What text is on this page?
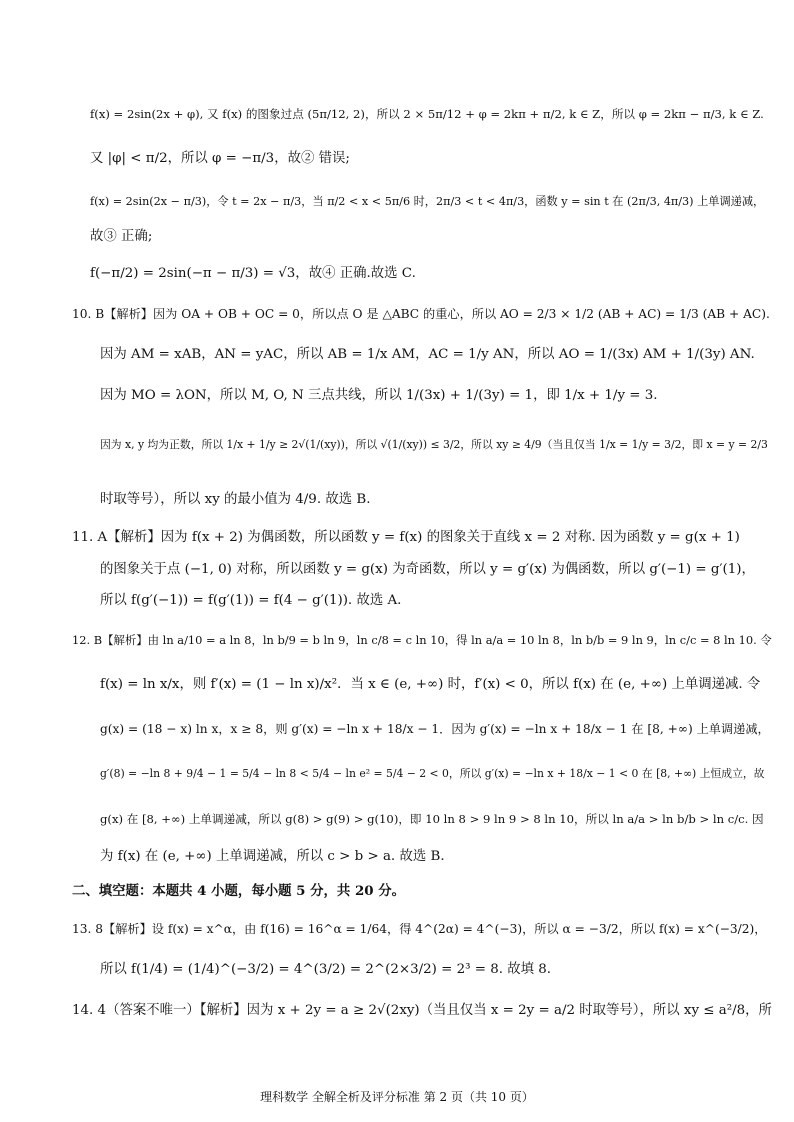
f(x) = 2sin(2x + φ), 又 f(x) 的图象过点 (5π/12, 2)，所以 2 × 5π/12 + φ = 2kπ + π/2, k ∈ Z，所以 φ = 2kπ − π/3, k ∈ Z.
又 |φ| < π/2，所以 φ = −π/3，故② 错误;
f(x) = 2sin(2x − π/3)，令 t = 2x − π/3，当 π/2 < x < 5π/6 时，2π/3 < t < 4π/3，函数 y = sin t 在 (2π/3, 4π/3) 上单调递减，
故③ 正确;
f(−π/2) = 2sin(−π − π/3) = √3，故④ 正确.故选 C.
10. B【解析】因为 OA + OB + OC = 0，所以点 O 是 △ABC 的重心，所以 AO = 2/3 × 1/2 (AB + AC) = 1/3 (AB + AC).
因为 AM = xAB，AN = yAC，所以 AB = 1/x AM，AC = 1/y AN，所以 AO = 1/(3x) AM + 1/(3y) AN.
因为 MO = λON，所以 M, O, N 三点共线，所以 1/(3x) + 1/(3y) = 1，即 1/x + 1/y = 3.
因为 x, y 均为正数，所以 1/x + 1/y ≥ 2√(1/(xy))，所以 √(1/(xy)) ≤ 3/2，所以 xy ≥ 4/9（当且仅当 1/x = 1/y = 3/2，即 x = y = 2/3
时取等号），所以 xy 的最小值为 4/9. 故选 B.
11. A【解析】因为 f(x + 2) 为偶函数，所以函数 y = f(x) 的图象关于直线 x = 2 对称. 因为函数 y = g(x + 1)
的图象关于点 (−1, 0) 对称，所以函数 y = g(x) 为奇函数，所以 y = g′(x) 为偶函数，所以 g′(−1) = g′(1)，
所以 f(g′(−1)) = f(g′(1)) = f(4 − g′(1)). 故选 A.
12. B【解析】由 ln a/10 = a ln 8，ln b/9 = b ln 9，ln c/8 = c ln 10，得 ln a/a = 10 ln 8，ln b/b = 9 ln 9，ln c/c = 8 ln 10. 令
f(x) = ln x/x，则 f′(x) = (1 − ln x)/x²．当 x ∈ (e, +∞) 时，f′(x) < 0，所以 f(x) 在 (e, +∞) 上单调递减. 令
g(x) = (18 − x) ln x，x ≥ 8，则 g′(x) = −ln x + 18/x − 1．因为 g′(x) = −ln x + 18/x − 1 在 [8, +∞) 上单调递减，
g′(8) = −ln 8 + 9/4 − 1 = 5/4 − ln 8 < 5/4 − ln e² = 5/4 − 2 < 0，所以 g′(x) = −ln x + 18/x − 1 < 0 在 [8, +∞) 上恒成立，故
g(x) 在 [8, +∞) 上单调递减，所以 g(8) > g(9) > g(10)，即 10 ln 8 > 9 ln 9 > 8 ln 10，所以 ln a/a > ln b/b > ln c/c. 因
为 f(x) 在 (e, +∞) 上单调递减，所以 c > b > a. 故选 B.
二、填空题：本题共 4 小题，每小题 5 分，共 20 分。
13. 8【解析】设 f(x) = x^α，由 f(16) = 16^α = 1/64，得 4^(2α) = 4^(−3)，所以 α = −3/2，所以 f(x) = x^(−3/2)，
所以 f(1/4) = (1/4)^(−3/2) = 4^(3/2) = 2^(2×3/2) = 2³ = 8. 故填 8.
14. 4（答案不唯一）【解析】因为 x + 2y = a ≥ 2√(2xy)（当且仅当 x = 2y = a/2 时取等号），所以 xy ≤ a²/8，所
理科数学 全解全析及评分标准 第 2 页（共 10 页）
